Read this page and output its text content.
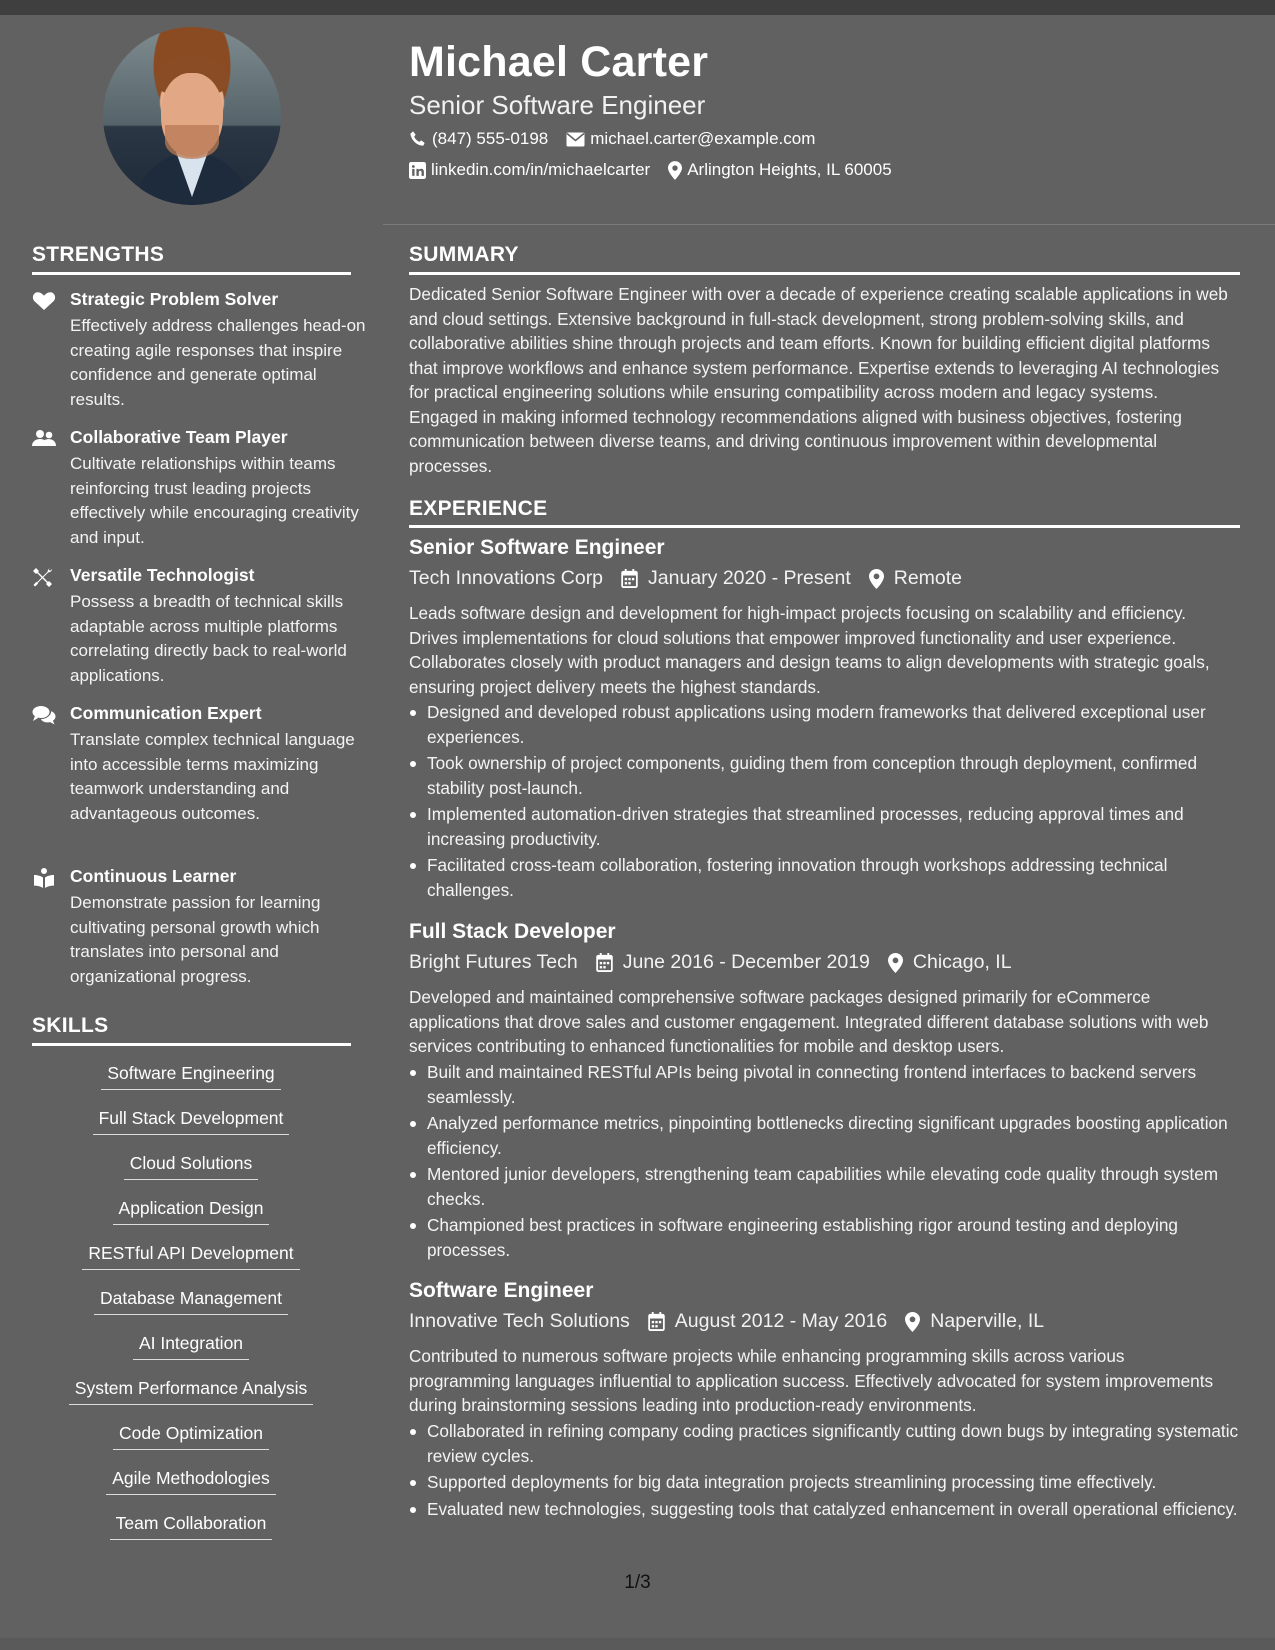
Michael Carter
Senior Software Engineer
(847) 555-0198 michael.carter@example.com
linkedin.com/in/michaelcarter Arlington Heights, IL 60005
STRENGTHS
Strategic Problem Solver
Effectively address challenges head-on creating agile responses that inspire confidence and generate optimal results.
Collaborative Team Player
Cultivate relationships within teams reinforcing trust leading projects effectively while encouraging creativity and input.
Versatile Technologist
Possess a breadth of technical skills adaptable across multiple platforms correlating directly back to real-world applications.
Communication Expert
Translate complex technical language into accessible terms maximizing teamwork understanding and advantageous outcomes.
Continuous Learner
Demonstrate passion for learning cultivating personal growth which translates into personal and organizational progress.
SKILLS
Software Engineering
Full Stack Development
Cloud Solutions
Application Design
RESTful API Development
Database Management
AI Integration
System Performance Analysis
Code Optimization
Agile Methodologies
Team Collaboration
SUMMARY
Dedicated Senior Software Engineer with over a decade of experience creating scalable applications in web and cloud settings. Extensive background in full-stack development, strong problem-solving skills, and collaborative abilities shine through projects and team efforts. Known for building efficient digital platforms that improve workflows and enhance system performance. Expertise extends to leveraging AI technologies for practical engineering solutions while ensuring compatibility across modern and legacy systems. Engaged in making informed technology recommendations aligned with business objectives, fostering communication between diverse teams, and driving continuous improvement within developmental processes.
EXPERIENCE
Senior Software Engineer
Tech Innovations Corp January 2020 - Present Remote
Leads software design and development for high-impact projects focusing on scalability and efficiency. Drives implementations for cloud solutions that empower improved functionality and user experience. Collaborates closely with product managers and design teams to align developments with strategic goals, ensuring project delivery meets the highest standards.
Designed and developed robust applications using modern frameworks that delivered exceptional user experiences.
Took ownership of project components, guiding them from conception through deployment, confirmed stability post-launch.
Implemented automation-driven strategies that streamlined processes, reducing approval times and increasing productivity.
Facilitated cross-team collaboration, fostering innovation through workshops addressing technical challenges.
Full Stack Developer
Bright Futures Tech June 2016 - December 2019 Chicago, IL
Developed and maintained comprehensive software packages designed primarily for eCommerce applications that drove sales and customer engagement. Integrated different database solutions with web services contributing to enhanced functionalities for mobile and desktop users.
Built and maintained RESTful APIs being pivotal in connecting frontend interfaces to backend servers seamlessly.
Analyzed performance metrics, pinpointing bottlenecks directing significant upgrades boosting application efficiency.
Mentored junior developers, strengthening team capabilities while elevating code quality through system checks.
Championed best practices in software engineering establishing rigor around testing and deploying processes.
Software Engineer
Innovative Tech Solutions August 2012 - May 2016 Naperville, IL
Contributed to numerous software projects while enhancing programming skills across various programming languages influential to application success. Effectively advocated for system improvements during brainstorming sessions leading into production-ready environments.
Collaborated in refining company coding practices significantly cutting down bugs by integrating systematic review cycles.
Supported deployments for big data integration projects streamlining processing time effectively.
Evaluated new technologies, suggesting tools that catalyzed enhancement in overall operational efficiency.
1/3
